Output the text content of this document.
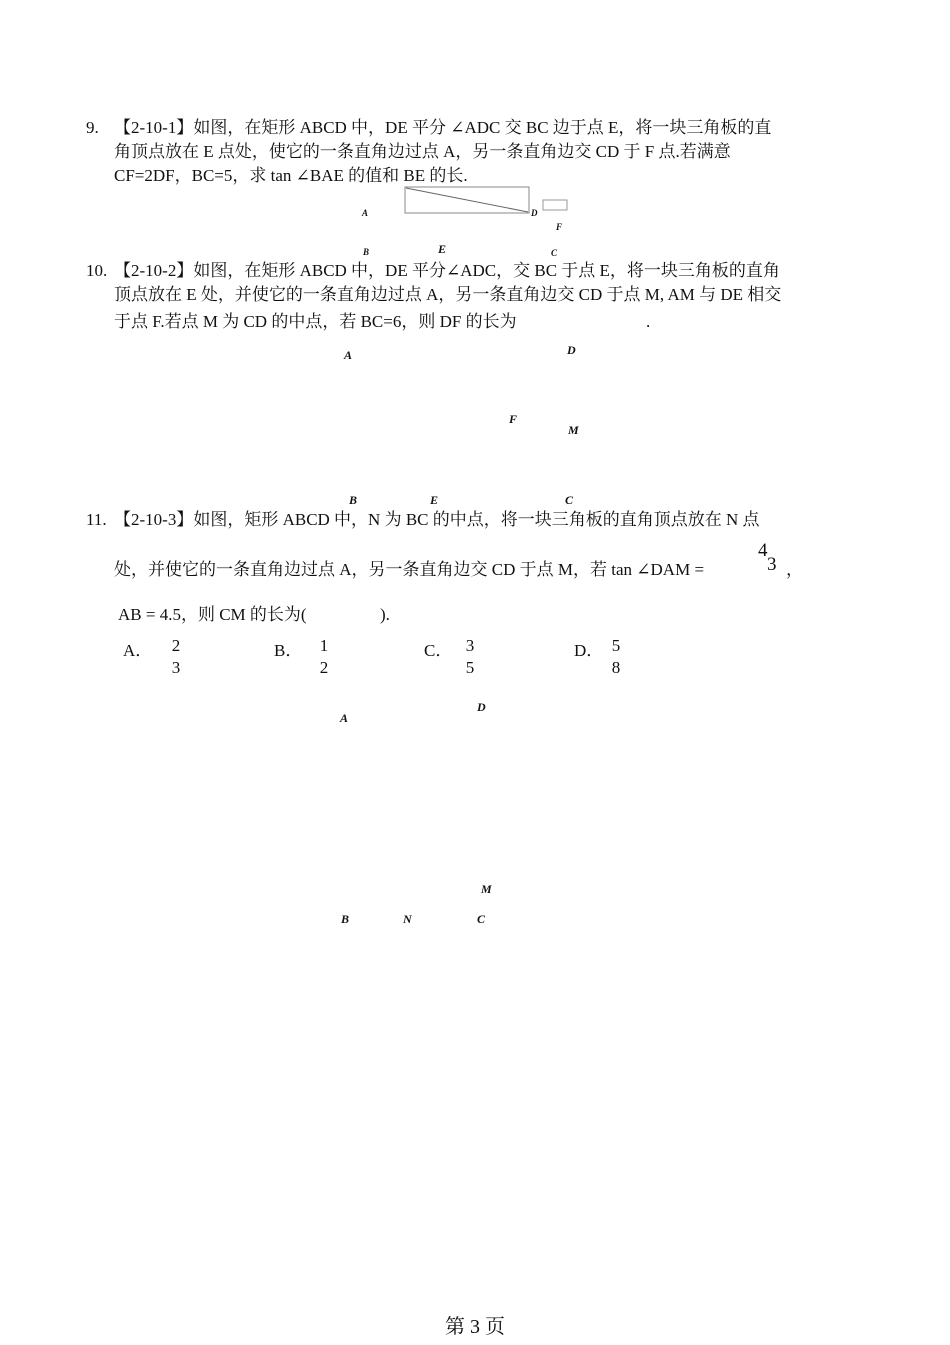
9. 【2-10-1】如图，在矩形 ABCD 中，DE 平分 ∠ADC 交 BC 边于点 E，将一块三角板的直
角顶点放在 E 点处，使它的一条直角边过点 A，另一条直角边交 CD 于 F 点.若满意
CF=2DF，BC=5，求 tan ∠BAE 的值和 BE 的长.
A	D
F
B	E	C
10. 【2-10-2】如图，在矩形 ABCD 中，DE 平分∠ADC，交 BC 于点 E，将一块三角板的直角
顶点放在 E 处，并使它的一条直角边过点 A，另一条直角边交 CD 于点 M, AM 与 DE 相交
于点 F.若点 M 为 CD 的中点，若 BC=6，则 DF 的长为	.
A	D
F
M
B	E	C
11. 【2-10-3】如图，矩形 ABCD 中，N 为 BC 的中点，将一块三角板的直角顶点放在 N 点
处，并使它的一条直角边过点 A，另一条直角边交 CD 于点 M，若 tan ∠DAM =
4
3 ，
AB = 4.5，则 CM 的长为(	).
A． 2
3
B． 1
2
C． 3
5
D． 5
8
A
D
M
B	N	C
第 3 页
